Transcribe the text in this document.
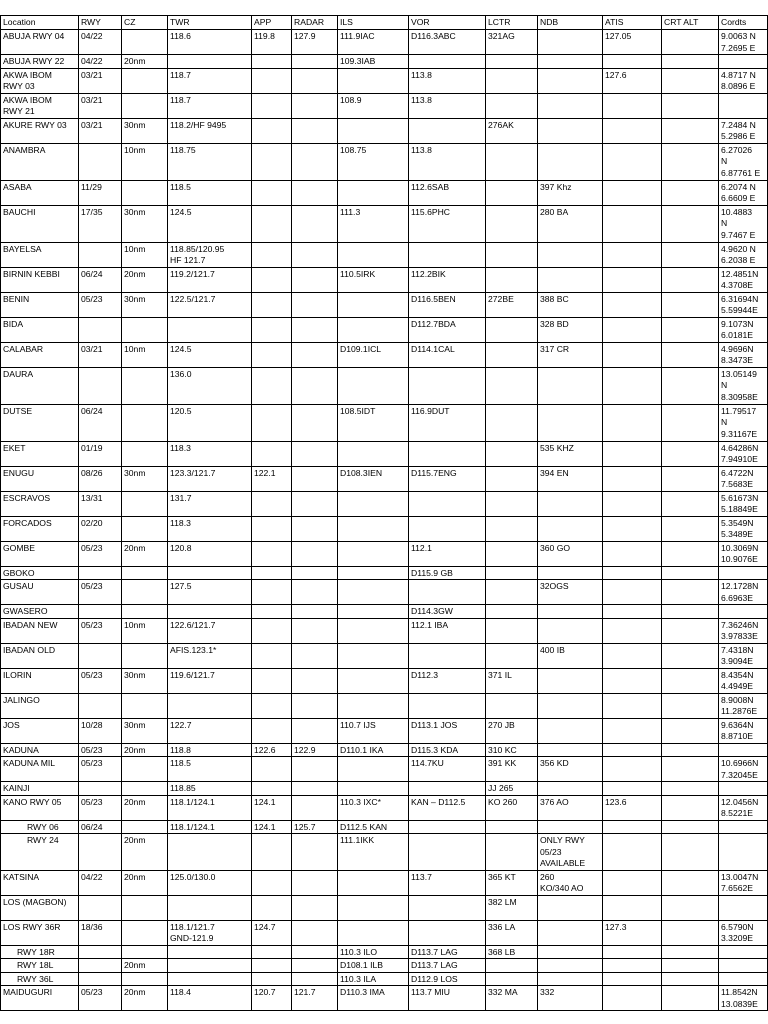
Location	RWY	CZ	TWR	APP	RADAR	ILS	VOR	LCTR	NDB	ATIS	CRT ALT	Cordts
ABUJA RWY 04	04/22		118.6	119.8	127.9	111.9IAC	D116.3ABC	321AG		127.05		9.0063 N
7.2695 E
ABUJA RWY 22	04/22	20nm				109.3IAB						
AKWA IBOM
RWY 03	03/21		118.7				113.8			127.6		4.8717 N
8.0896 E
AKWA IBOM
RWY 21	03/21		118.7			108.9	113.8					
AKURE RWY 03	03/21	30nm	118.2/HF 9495					276AK				7.2484 N
5.2986 E
ANAMBRA		10nm	118.75			108.75	113.8					6.27026
N
6.87761 E
ASABA	11/29		118.5				112.6SAB		397 Khz			6.2074 N
6.6609 E
BAUCHI	17/35	30nm	124.5			111.3	115.6PHC		280 BA			10.4883
N
9.7467 E
BAYELSA		10nm	118.85/120.95
HF 121.7									4.9620 N
6.2038 E
BIRNIN KEBBI	06/24	20nm	119.2/121.7			110.5IRK	112.2BIK					12.4851N
4.3708E
BENIN	05/23	30nm	122.5/121.7				D116.5BEN	272BE	388 BC			6.31694N
5.59944E
BIDA							D112.7BDA		328 BD			9.1073N
6.0181E
CALABAR	03/21	10nm	124.5			D109.1ICL	D114.1CAL		317 CR			4.9696N
8.3473E
DAURA			136.0									13.05149
N
8.30958E
DUTSE	06/24		120.5			108.5IDT	116.9DUT					11.79517
N
9.31167E
EKET	01/19		118.3						535 KHZ			4.64286N
7.94910E
ENUGU	08/26	30nm	123.3/121.7	122.1		D108.3IEN	D115.7ENG		394 EN			6.4722N
7.5683E
ESCRAVOS	13/31		131.7									5.61673N
5.18849E
FORCADOS	02/20		118.3									5.3549N
5.3489E
GOMBE	05/23	20nm	120.8				112.1		360 GO			10.3069N
10.9076E
GBOKO							D115.9 GB					
GUSAU	05/23		127.5						32OGS			12.1728N
6.6963E
GWASERO							D114.3GW					
IBADAN NEW	05/23	10nm	122.6/121.7				112.1 IBA					7.36246N
3.97833E
IBADAN OLD			AFIS.123.1*						400 IB			7.4318N
3.9094E
ILORIN	05/23	30nm	119.6/121.7				D112.3	371 IL				8.4354N
4.4949E
JALINGO												8.9008N
11.2876E
JOS	10/28	30nm	122.7			110.7 IJS	D113.1 JOS	270 JB				9.6364N
8.8710E
KADUNA	05/23	20nm	118.8	122.6	122.9	D110.1 IKA	D115.3 KDA	310 KC				
KADUNA MIL	05/23		118.5				114.7KU	391 KK	356 KD			10.6966N
7.32045E
KAINJI			118.85					JJ 265				
KANO RWY 05	05/23	20nm	118.1/124.1	124.1		110.3 IXC*	KAN – D112.5	KO 260	376 AO	123.6		12.0456N
8.5221E
RWY 06	06/24		118.1/124.1	124.1	125.7	D112.5 KAN						
RWY 24		20nm				111.1IKK			ONLY RWY 05/23
AVAILABLE			
KATSINA	04/22	20nm	125.0/130.0				113.7	365 KT	260
KO/340 AO			13.0047N
7.6562E
LOS (MAGBON)								382 LM				
LOS RWY 36R	18/36		118.1/121.7
GND-121.9	124.7				336 LA		127.3		6.5790N
3.3209E
RWY 18R						110.3 ILO	D113.7 LAG	368 LB				
RWY 18L		20nm				D108.1 ILB	D113.7 LAG					
RWY 36L						110.3 ILA	D112.9 LOS					
MAIDUGURI	05/23	20nm	118.4	120.7	121.7	D110.3 IMA	113.7 MIU	332 MA	332			11.8542N
13.0839E
